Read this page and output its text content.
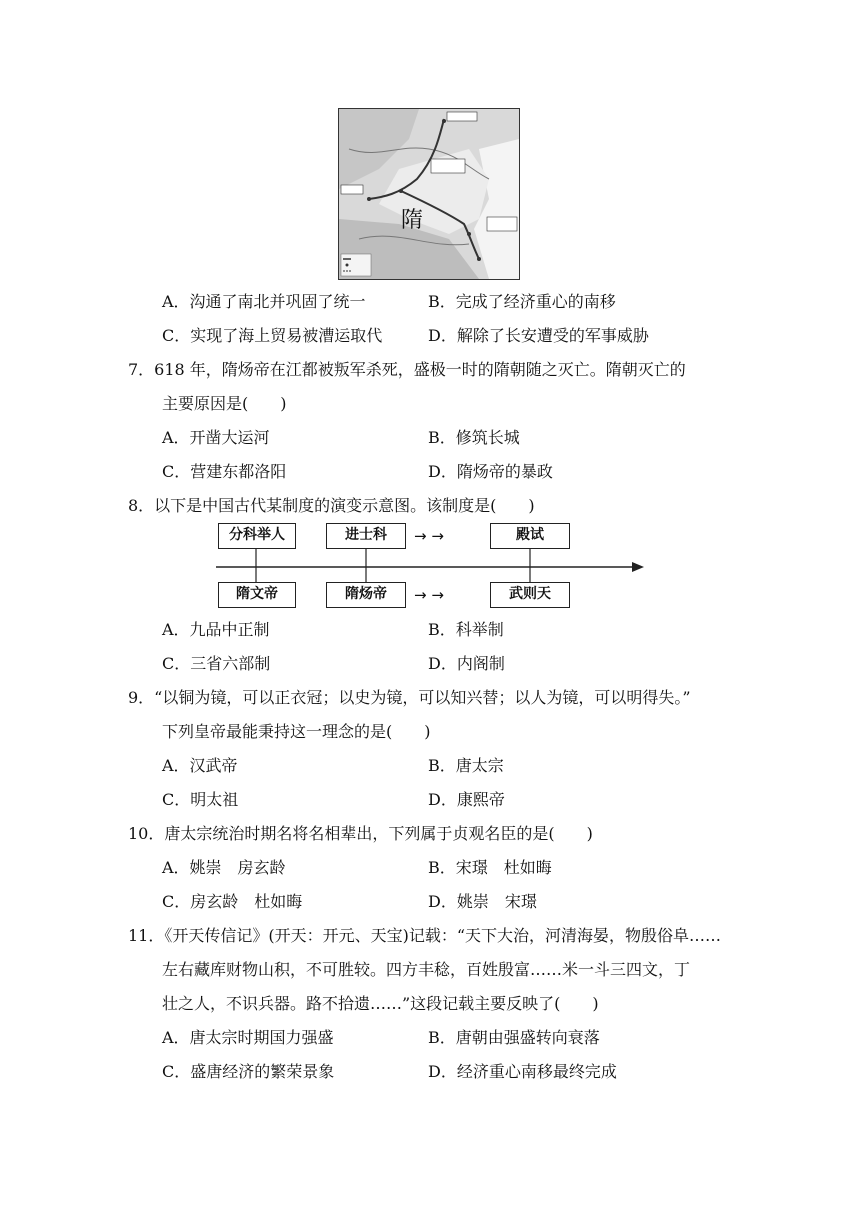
隋
A．沟通了南北并巩固了统一	B．完成了经济重心的南移
C．实现了海上贸易被漕运取代	D．解除了长安遭受的军事威胁
7．618 年，隋炀帝在江都被叛军杀死，盛极一时的隋朝随之灭亡。隋朝灭亡的
主要原因是(　　)
A．开凿大运河	B．修筑长城
C．营建东都洛阳	D．隋炀帝的暴政
8．以下是中国古代某制度的演变示意图。该制度是(　　)
分科举人	进士科	→ →	殿试
隋文帝	隋炀帝	→ →	武则天
A．九品中正制	B．科举制
C．三省六部制	D．内阁制
9．“以铜为镜，可以正衣冠；以史为镜，可以知兴替；以人为镜，可以明得失。”
下列皇帝最能秉持这一理念的是(　　)
A．汉武帝	B．唐太宗
C．明太祖	D．康熙帝
10．唐太宗统治时期名将名相辈出，下列属于贞观名臣的是(　　)
A．姚崇　房玄龄	B．宋璟　杜如晦
C．房玄龄　杜如晦	D．姚崇　宋璟
11．《开天传信记》(开天：开元、天宝)记载：“天下大治，河清海晏，物殷俗阜……
左右藏库财物山积，不可胜较。四方丰稔，百姓殷富……米一斗三四文，丁
壮之人，不识兵器。路不拾遗……”这段记载主要反映了(　　)
A．唐太宗时期国力强盛	B．唐朝由强盛转向衰落
C．盛唐经济的繁荣景象	D．经济重心南移最终完成
